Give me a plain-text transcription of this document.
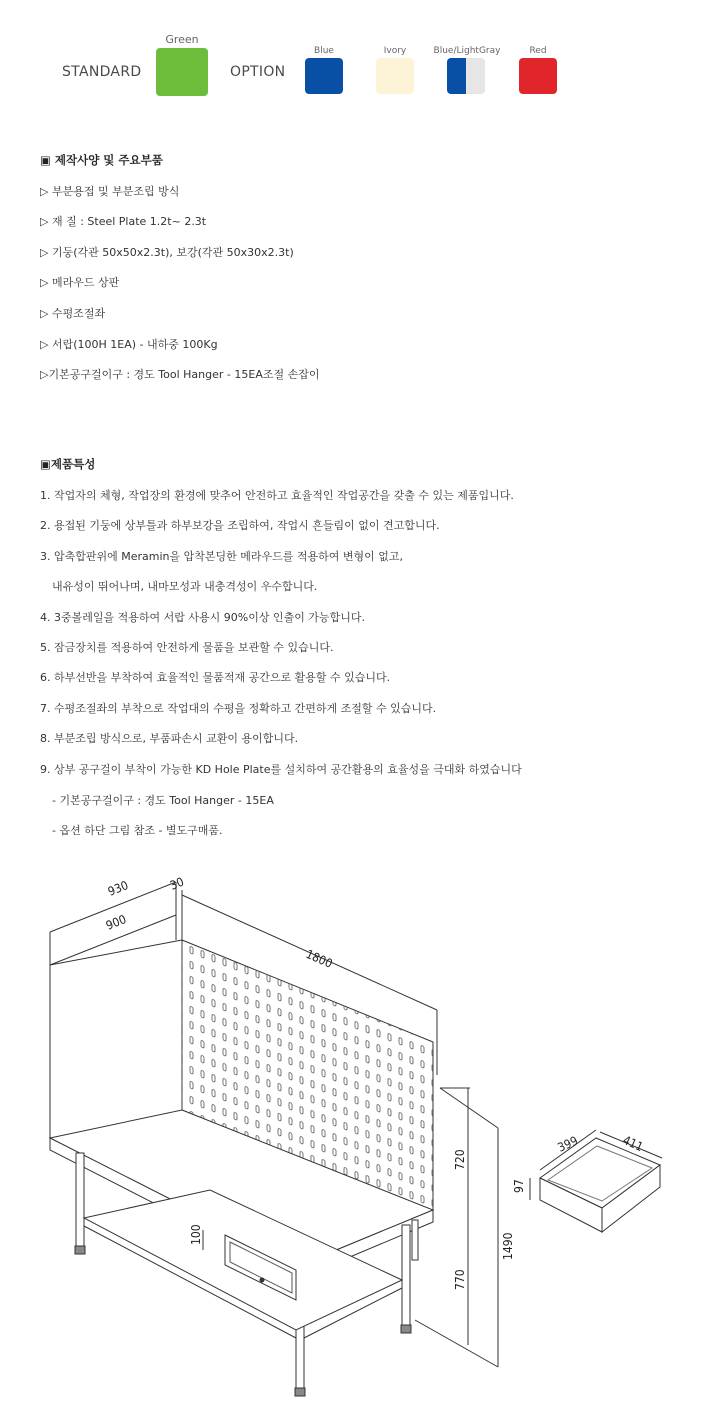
STANDARD
Green
OPTION
Blue	Ivory	Blue/LightGray	Red
▣ 제작사양 및 주요부품
▷ 부분용접 및 부분조립 방식
▷ 재 질 : Steel Plate 1.2t~ 2.3t
▷ 기둥(각관 50x50x2.3t), 보강(각관 50x30x2.3t)
▷ 메라우드 상판
▷ 수평조절좌
▷ 서랍(100H 1EA) - 내하중 100Kg
▷기본공구걸이구 : 경도 Tool Hanger - 15EA조절 손잡이
▣제품특성
1. 작업자의 체형, 작업장의 환경에 맞추어 안전하고 효율적인 작업공간을 갖출 수 있는 제품입니다.
2. 용접된 기둥에 상부틀과 하부보강을 조립하여, 작업시 흔들림이 없이 견고합니다.
3. 압축합판위에 Meramin을 압착본딩한 메라우드를 적용하여 변형이 없고,
내유성이 뛰어나며, 내마모성과 내충격성이 우수합니다.
4. 3중볼레일을 적용하여 서랍 사용시 90%이상 인출이 가능합니다.
5. 잠금장치를 적용하여 안전하게 물품을 보관할 수 있습니다.
6. 하부선반을 부착하여 효율적인 물품적재 공간으로 활용할 수 있습니다.
7. 수평조절좌의 부착으로 작업대의 수평을 정확하고 간편하게 조절할 수 있습니다.
8. 부분조립 방식으로, 부품파손시 교환이 용이합니다.
9. 상부 공구걸이 부착이 가능한 KD Hole Plate를 설치하여 공간활용의 효율성을 극대화 하였습니다
- 기본공구걸이구 : 경도 Tool Hanger - 15EA
- 옵션 하단 그림 참조 - 별도구매품.
930	30
900
1800
720
1490
770
100
399	411
97
